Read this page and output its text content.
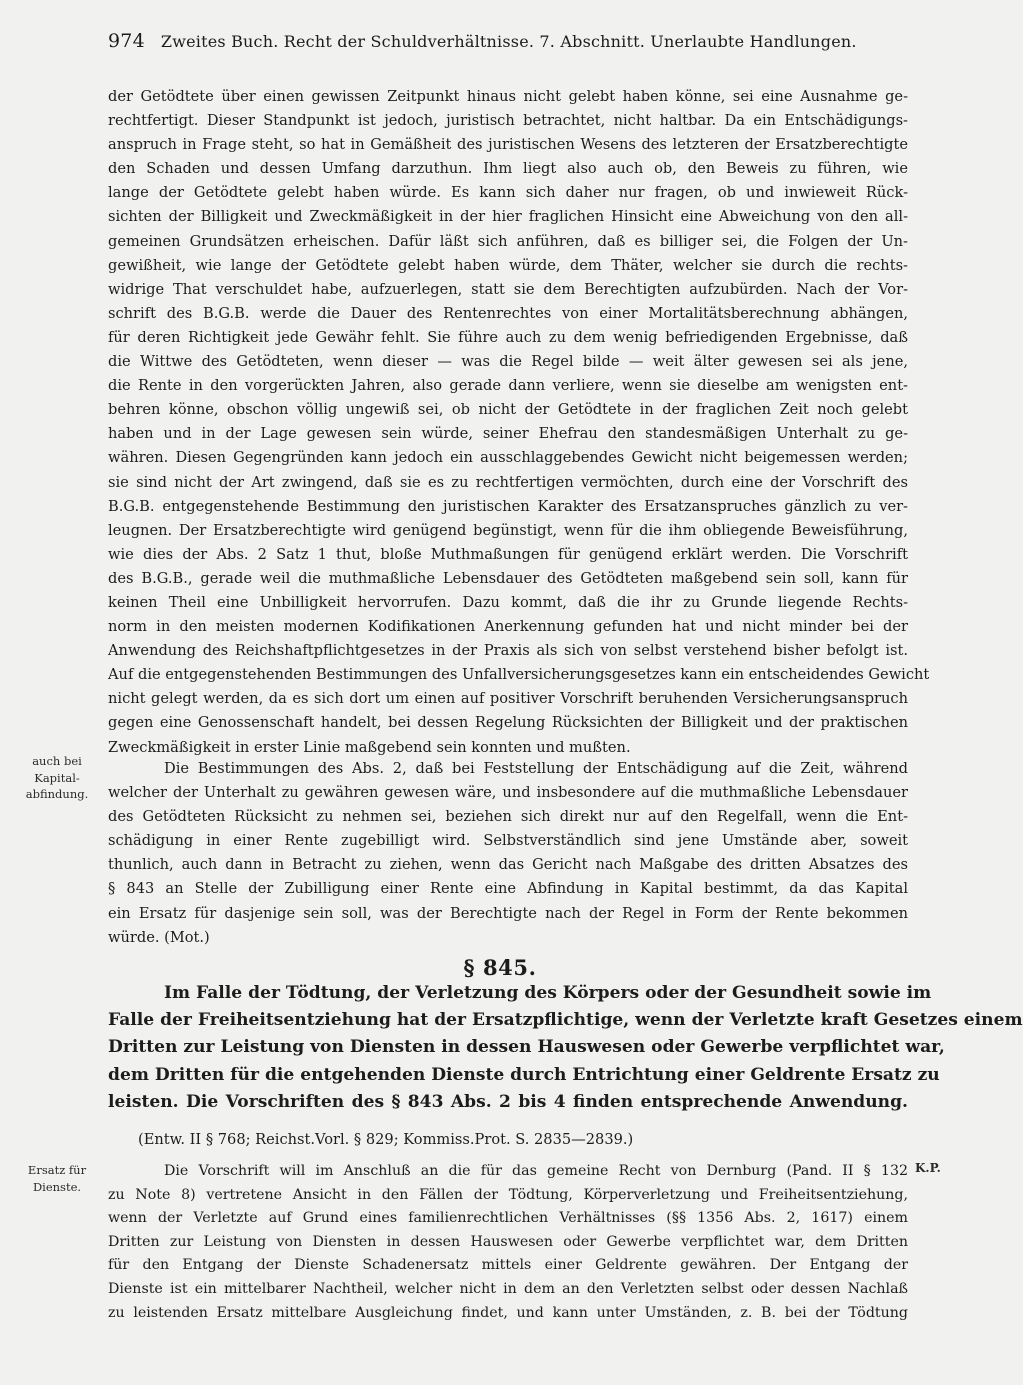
974 Zweites Buch. Recht der Schuldverhältnisse. 7. Abschnitt. Unerlaubte Handlungen.
der Getödtete über einen gewissen Zeitpunkt hinaus nicht gelebt haben könne, sei eine Ausnahme ge-
rechtfertigt. Dieser Standpunkt ist jedoch, juristisch betrachtet, nicht haltbar. Da ein Entschädigungs-
anspruch in Frage steht, so hat in Gemäßheit des juristischen Wesens des letzteren der Ersatzberechtigte
den Schaden und dessen Umfang darzuthun. Ihm liegt also auch ob, den Beweis zu führen, wie
lange der Getödtete gelebt haben würde. Es kann sich daher nur fragen, ob und inwieweit Rück-
sichten der Billigkeit und Zweckmäßigkeit in der hier fraglichen Hinsicht eine Abweichung von den all-
gemeinen Grundsätzen erheischen. Dafür läßt sich anführen, daß es billiger sei, die Folgen der Un-
gewißheit, wie lange der Getödtete gelebt haben würde, dem Thäter, welcher sie durch die rechts-
widrige That verschuldet habe, aufzuerlegen, statt sie dem Berechtigten aufzubürden. Nach der Vor-
schrift des B.G.B. werde die Dauer des Rentenrechtes von einer Mortalitätsberechnung abhängen,
für deren Richtigkeit jede Gewähr fehlt. Sie führe auch zu dem wenig befriedigenden Ergebnisse, daß
die Wittwe des Getödteten, wenn dieser — was die Regel bilde — weit älter gewesen sei als jene,
die Rente in den vorgerückten Jahren, also gerade dann verliere, wenn sie dieselbe am wenigsten ent-
behren könne, obschon völlig ungewiß sei, ob nicht der Getödtete in der fraglichen Zeit noch gelebt
haben und in der Lage gewesen sein würde, seiner Ehefrau den standesmäßigen Unterhalt zu ge-
währen. Diesen Gegengründen kann jedoch ein ausschlaggebendes Gewicht nicht beigemessen werden;
sie sind nicht der Art zwingend, daß sie es zu rechtfertigen vermöchten, durch eine der Vorschrift des
B.G.B. entgegenstehende Bestimmung den juristischen Karakter des Ersatzanspruches gänzlich zu ver-
leugnen. Der Ersatzberechtigte wird genügend begünstigt, wenn für die ihm obliegende Beweisführung,
wie dies der Abs. 2 Satz 1 thut, bloße Muthmaßungen für genügend erklärt werden. Die Vorschrift
des B.G.B., gerade weil die muthmaßliche Lebensdauer des Getödteten maßgebend sein soll, kann für
keinen Theil eine Unbilligkeit hervorrufen. Dazu kommt, daß die ihr zu Grunde liegende Rechts-
norm in den meisten modernen Kodifikationen Anerkennung gefunden hat und nicht minder bei der
Anwendung des Reichshaftpflichtgesetzes in der Praxis als sich von selbst verstehend bisher befolgt ist.
Auf die entgegenstehenden Bestimmungen des Unfallversicherungsgesetzes kann ein entscheidendes Gewicht
nicht gelegt werden, da es sich dort um einen auf positiver Vorschrift beruhenden Versicherungsanspruch
gegen eine Genossenschaft handelt, bei dessen Regelung Rücksichten der Billigkeit und der praktischen
Zweckmäßigkeit in erster Linie maßgebend sein konnten und mußten.
auch bei Kapital-abfindung.
Die Bestimmungen des Abs. 2, daß bei Feststellung der Entschädigung auf die Zeit, während
welcher der Unterhalt zu gewähren gewesen wäre, und insbesondere auf die muthmaßliche Lebensdauer
des Getödteten Rücksicht zu nehmen sei, beziehen sich direkt nur auf den Regelfall, wenn die Ent-
schädigung in einer Rente zugebilligt wird. Selbstverständlich sind jene Umstände aber, soweit
thunlich, auch dann in Betracht zu ziehen, wenn das Gericht nach Maßgabe des dritten Absatzes des
§ 843 an Stelle der Zubilligung einer Rente eine Abfindung in Kapital bestimmt, da das Kapital
ein Ersatz für dasjenige sein soll, was der Berechtigte nach der Regel in Form der Rente bekommen
würde. (Mot.)
§ 845.
Im Falle der Tödtung, der Verletzung des Körpers oder der Gesundheit sowie im
Falle der Freiheitsentziehung hat der Ersatzpflichtige, wenn der Verletzte kraft Gesetzes einem
Dritten zur Leistung von Diensten in dessen Hauswesen oder Gewerbe verpflichtet war,
dem Dritten für die entgehenden Dienste durch Entrichtung einer Geldrente Ersatz zu
leisten. Die Vorschriften des § 843 Abs. 2 bis 4 finden entsprechende Anwendung.
(Entw. II § 768; Reichst.Vorl. § 829; Kommiss.Prot. S. 2835—2839.)
Ersatz für Dienste.
K.P.
Die Vorschrift will im Anschluß an die für das gemeine Recht von Dernburg (Pand. II § 132
zu Note 8) vertretene Ansicht in den Fällen der Tödtung, Körperverletzung und Freiheitsentziehung,
wenn der Verletzte auf Grund eines familienrechtlichen Verhältnisses (§§ 1356 Abs. 2, 1617) einem
Dritten zur Leistung von Diensten in dessen Hauswesen oder Gewerbe verpflichtet war, dem Dritten
für den Entgang der Dienste Schadenersatz mittels einer Geldrente gewähren. Der Entgang der
Dienste ist ein mittelbarer Nachtheil, welcher nicht in dem an den Verletzten selbst oder dessen Nachlaß
zu leistenden Ersatz mittelbare Ausgleichung findet, und kann unter Umständen, z. B. bei der Tödtung
